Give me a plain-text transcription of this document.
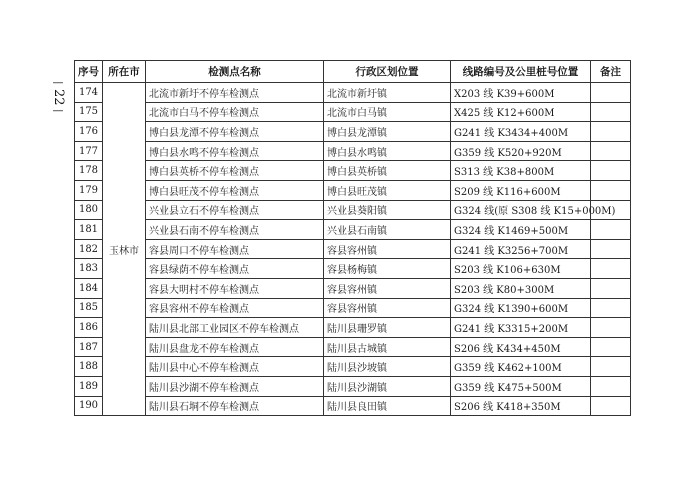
—
22
—
序号	所在市	检测点名称	行政区划位置	线路编号及公里桩号位置	备注
174	玉林市	北流市新圩不停车检测点	北流市新圩镇	X203 线 K39+600M	
175		北流市白马不停车检测点	北流市白马镇	X425 线 K12+600M	
176		博白县龙潭不停车检测点	博白县龙潭镇	G241 线 K3434+400M	
177		博白县水鸣不停车检测点	博白县水鸣镇	G359 线 K520+920M	
178		博白县英桥不停车检测点	博白县英桥镇	S313 线 K38+800M	
179		博白县旺茂不停车检测点	博白县旺茂镇	S209 线 K116+600M	
180		兴业县立石不停车检测点	兴业县葵阳镇	G324 线(原 S308 线 K15+000M)	
181		兴业县石南不停车检测点	兴业县石南镇	G324 线 K1469+500M	
182		容县周口不停车检测点	容县容州镇	G241 线 K3256+700M	
183		容县绿荫不停车检测点	容县杨梅镇	S203 线 K106+630M	
184		容县大明村不停车检测点	容县容州镇	S203 线 K80+300M	
185		容县容州不停车检测点	容县容州镇	G324 线 K1390+600M	
186		陆川县北部工业园区不停车检测点	陆川县珊罗镇	G241 线 K3315+200M	
187		陆川县盘龙不停车检测点	陆川县古城镇	S206 线 K434+450M	
188		陆川县中心不停车检测点	陆川县沙坡镇	G359 线 K462+100M	
189		陆川县沙湖不停车检测点	陆川县沙湖镇	G359 线 K475+500M	
190		陆川县石垌不停车检测点	陆川县良田镇	S206 线 K418+350M	
